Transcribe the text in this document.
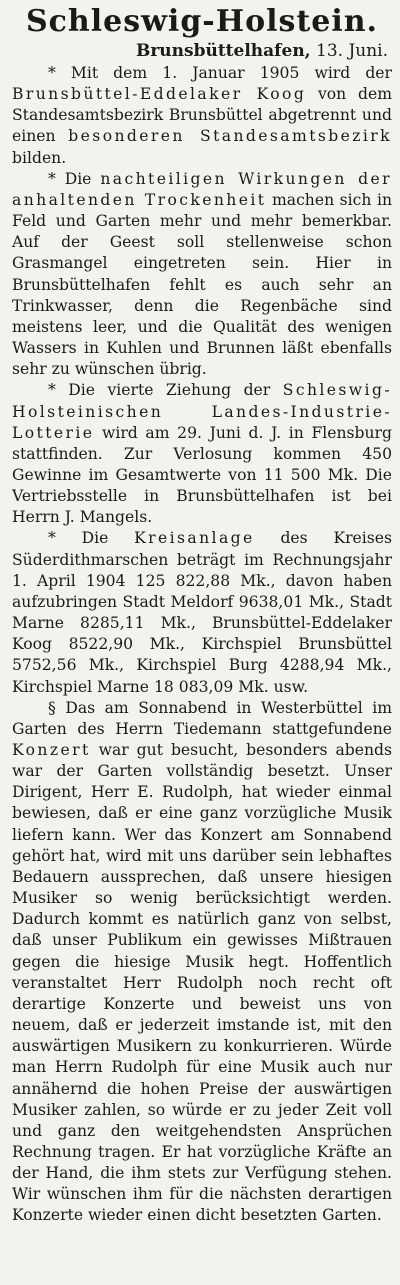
Schleswig-Holstein.
Brunsbüttelhafen, 13. Juni.

* Mit dem 1. Januar 1905 wird der Brunsbüttel-Eddelaker Koog von dem Standesamtsbezirk Brunsbüttel abgetrennt und einen besonderen Standesamtsbezirk bilden.

* Die nachteiligen Wirkungen der anhaltenden Trockenheit machen sich in Feld und Garten mehr und mehr bemerkbar. Auf der Geest soll stellenweise schon Grasmangel eingetreten sein. Hier in Brunsbüttelhafen fehlt es auch sehr an Trinkwasser, denn die Regenbäche sind meistens leer, und die Qualität des wenigen Wassers in Kuhlen und Brunnen läßt ebenfalls sehr zu wünschen übrig.

* Die vierte Ziehung der Schleswig-Holsteinischen Landes-Industrie-Lotterie wird am 29. Juni d. J. in Flensburg stattfinden. Zur Verlosung kommen 450 Gewinne im Gesamtwerte von 11 500 Mk. Die Vertriebsstelle in Brunsbüttelhafen ist bei Herrn J. Mangels.

* Die Kreisanlage des Kreises Süderdithmarschen beträgt im Rechnungsjahr 1. April 1904 125 822,88 Mk., davon haben aufzubringen Stadt Meldorf 9638,01 Mk., Stadt Marne 8285,11 Mk., Brunsbüttel-Eddelaker Koog 8522,90 Mk., Kirchspiel Brunsbüttel 5752,56 Mk., Kirchspiel Burg 4288,94 Mk., Kirchspiel Marne 18 083,09 Mk. usw.

§ Das am Sonnabend in Westerbüttel im Garten des Herrn Tiedemann stattgefundene Konzert war gut besucht, besonders abends war der Garten vollständig besetzt. Unser Dirigent, Herr E. Rudolph, hat wieder einmal bewiesen, daß er eine ganz vorzügliche Musik liefern kann. Wer das Konzert am Sonnabend gehört hat, wird mit uns darüber sein lebhaftes Bedauern aussprechen, daß unsere hiesigen Musiker so wenig berücksichtigt werden. Dadurch kommt es natürlich ganz von selbst, daß unser Publikum ein gewisses Mißtrauen gegen die hiesige Musik hegt. Hoffentlich veranstaltet Herr Rudolph noch recht oft derartige Konzerte und beweist uns von neuem, daß er jederzeit imstande ist, mit den auswärtigen Musikern zu konkurrieren. Würde man Herrn Rudolph für eine Musik auch nur annähernd die hohen Preise der auswärtigen Musiker zahlen, so würde er zu jeder Zeit voll und ganz den weitgehendsten Ansprüchen Rechnung tragen. Er hat vorzügliche Kräfte an der Hand, die ihm stets zur Verfügung stehen. Wir wünschen ihm für die nächsten derartigen Konzerte wieder einen dicht besetzten Garten.
